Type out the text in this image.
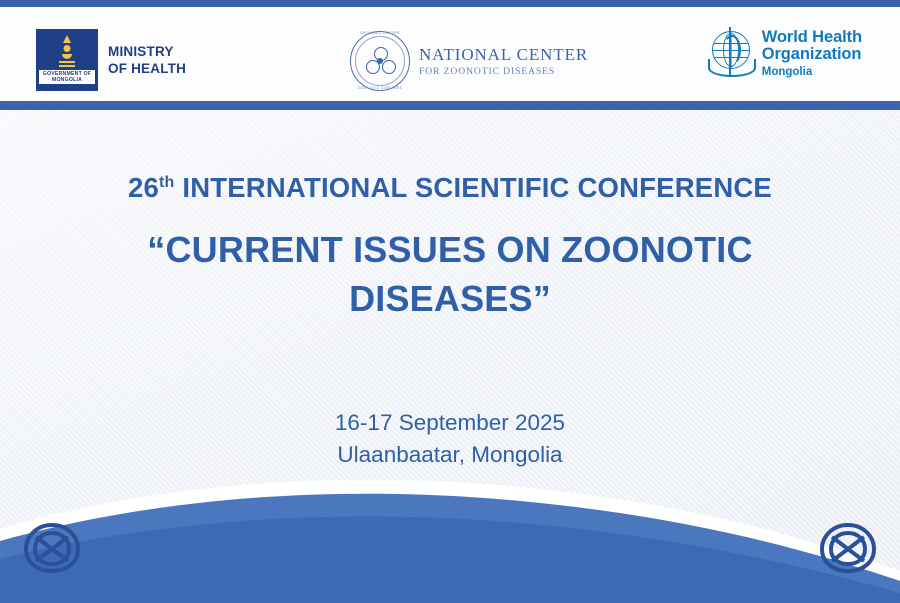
GOVERNMENT OF
MONGOLIA
MINISTRY
OF HEALTH
NATIONAL CENTER
ZOONOTIC DISEASES
NATIONAL CENTER
FOR ZOONOTIC DISEASES
World Health
Organization
Mongolia
26th INTERNATIONAL SCIENTIFIC CONFERENCE
“CURRENT ISSUES ON ZOONOTIC
DISEASES”
16-17 September 2025
Ulaanbaatar, Mongolia
